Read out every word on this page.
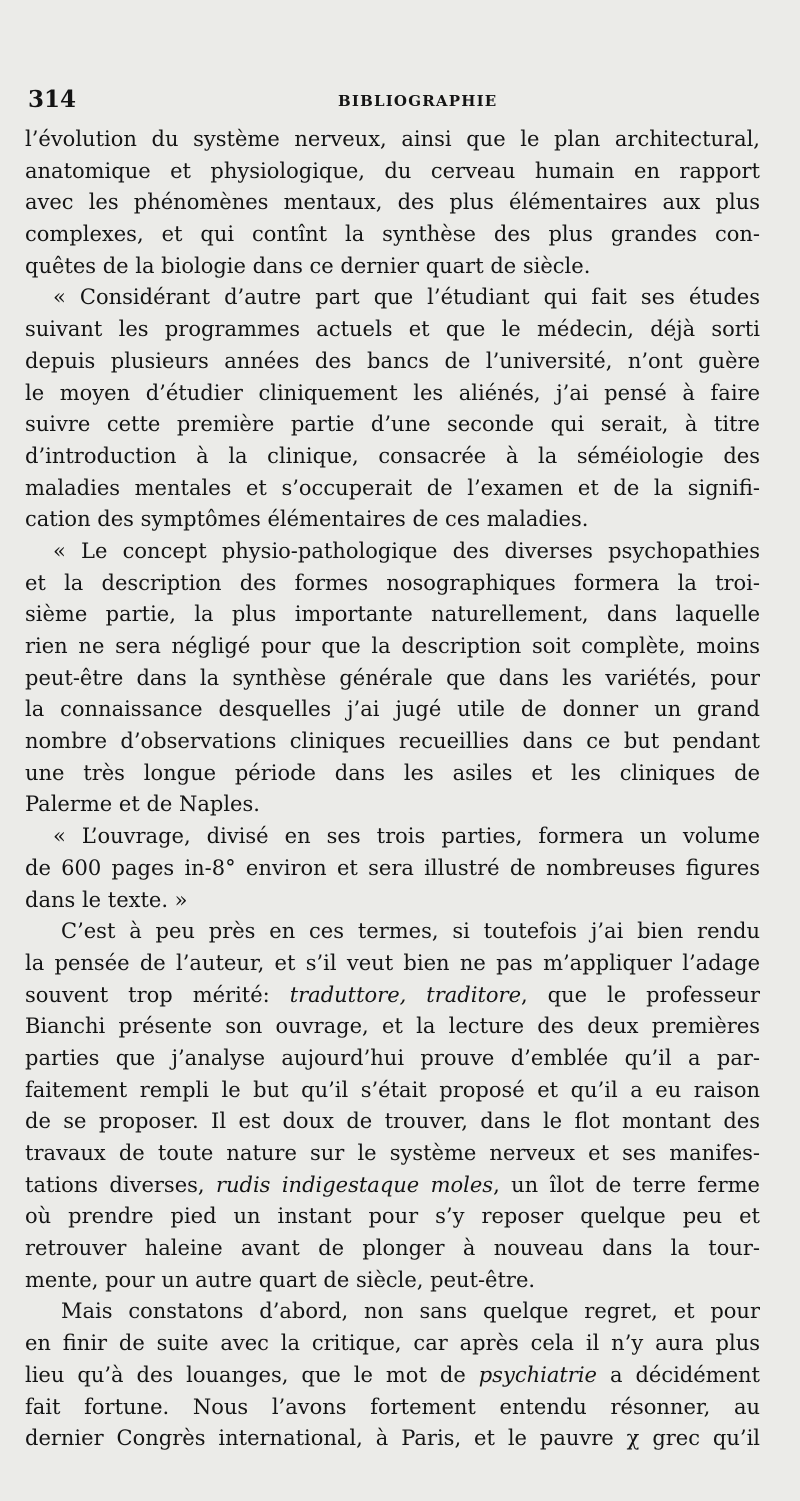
314	BIBLIOGRAPHIE
l’évolution du système nerveux, ainsi que le plan architectural,
anatomique et physiologique, du cerveau humain en rapport
avec les phénomènes mentaux, des plus élémentaires aux plus
complexes, et qui contînt la synthèse des plus grandes con-
quêtes de la biologie dans ce dernier quart de siècle.
« Considérant d’autre part que l’étudiant qui fait ses études
suivant les programmes actuels et que le médecin, déjà sorti
depuis plusieurs années des bancs de l’université, n’ont guère
le moyen d’étudier cliniquement les aliénés, j’ai pensé à faire
suivre cette première partie d’une seconde qui serait, à titre
d’introduction à la clinique, consacrée à la séméiologie des
maladies mentales et s’occuperait de l’examen et de la signifi-
cation des symptômes élémentaires de ces maladies.
« Le concept physio-pathologique des diverses psychopathies
et la description des formes nosographiques formera la troi-
sième partie, la plus importante naturellement, dans laquelle
rien ne sera négligé pour que la description soit complète, moins
peut-être dans la synthèse générale que dans les variétés, pour
la connaissance desquelles j’ai jugé utile de donner un grand
nombre d’observations cliniques recueillies dans ce but pendant
une très longue période dans les asiles et les cliniques de
Palerme et de Naples.
« L’ouvrage, divisé en ses trois parties, formera un volume
de 600 pages in-8° environ et sera illustré de nombreuses figures
dans le texte. »
C’est à peu près en ces termes, si toutefois j’ai bien rendu
la pensée de l’auteur, et s’il veut bien ne pas m’appliquer l’adage
souvent trop mérité: traduttore, traditore, que le professeur
Bianchi présente son ouvrage, et la lecture des deux premières
parties que j’analyse aujourd’hui prouve d’emblée qu’il a par-
faitement rempli le but qu’il s’était proposé et qu’il a eu raison
de se proposer. Il est doux de trouver, dans le flot montant des
travaux de toute nature sur le système nerveux et ses manifes-
tations diverses, rudis indigestaque moles, un îlot de terre ferme
où prendre pied un instant pour s’y reposer quelque peu et
retrouver haleine avant de plonger à nouveau dans la tour-
mente, pour un autre quart de siècle, peut-être.
Mais constatons d’abord, non sans quelque regret, et pour
en finir de suite avec la critique, car après cela il n’y aura plus
lieu qu’à des louanges, que le mot de psychiatrie a décidément
fait fortune. Nous l’avons fortement entendu résonner, au
dernier Congrès international, à Paris, et le pauvre χ grec qu’il
